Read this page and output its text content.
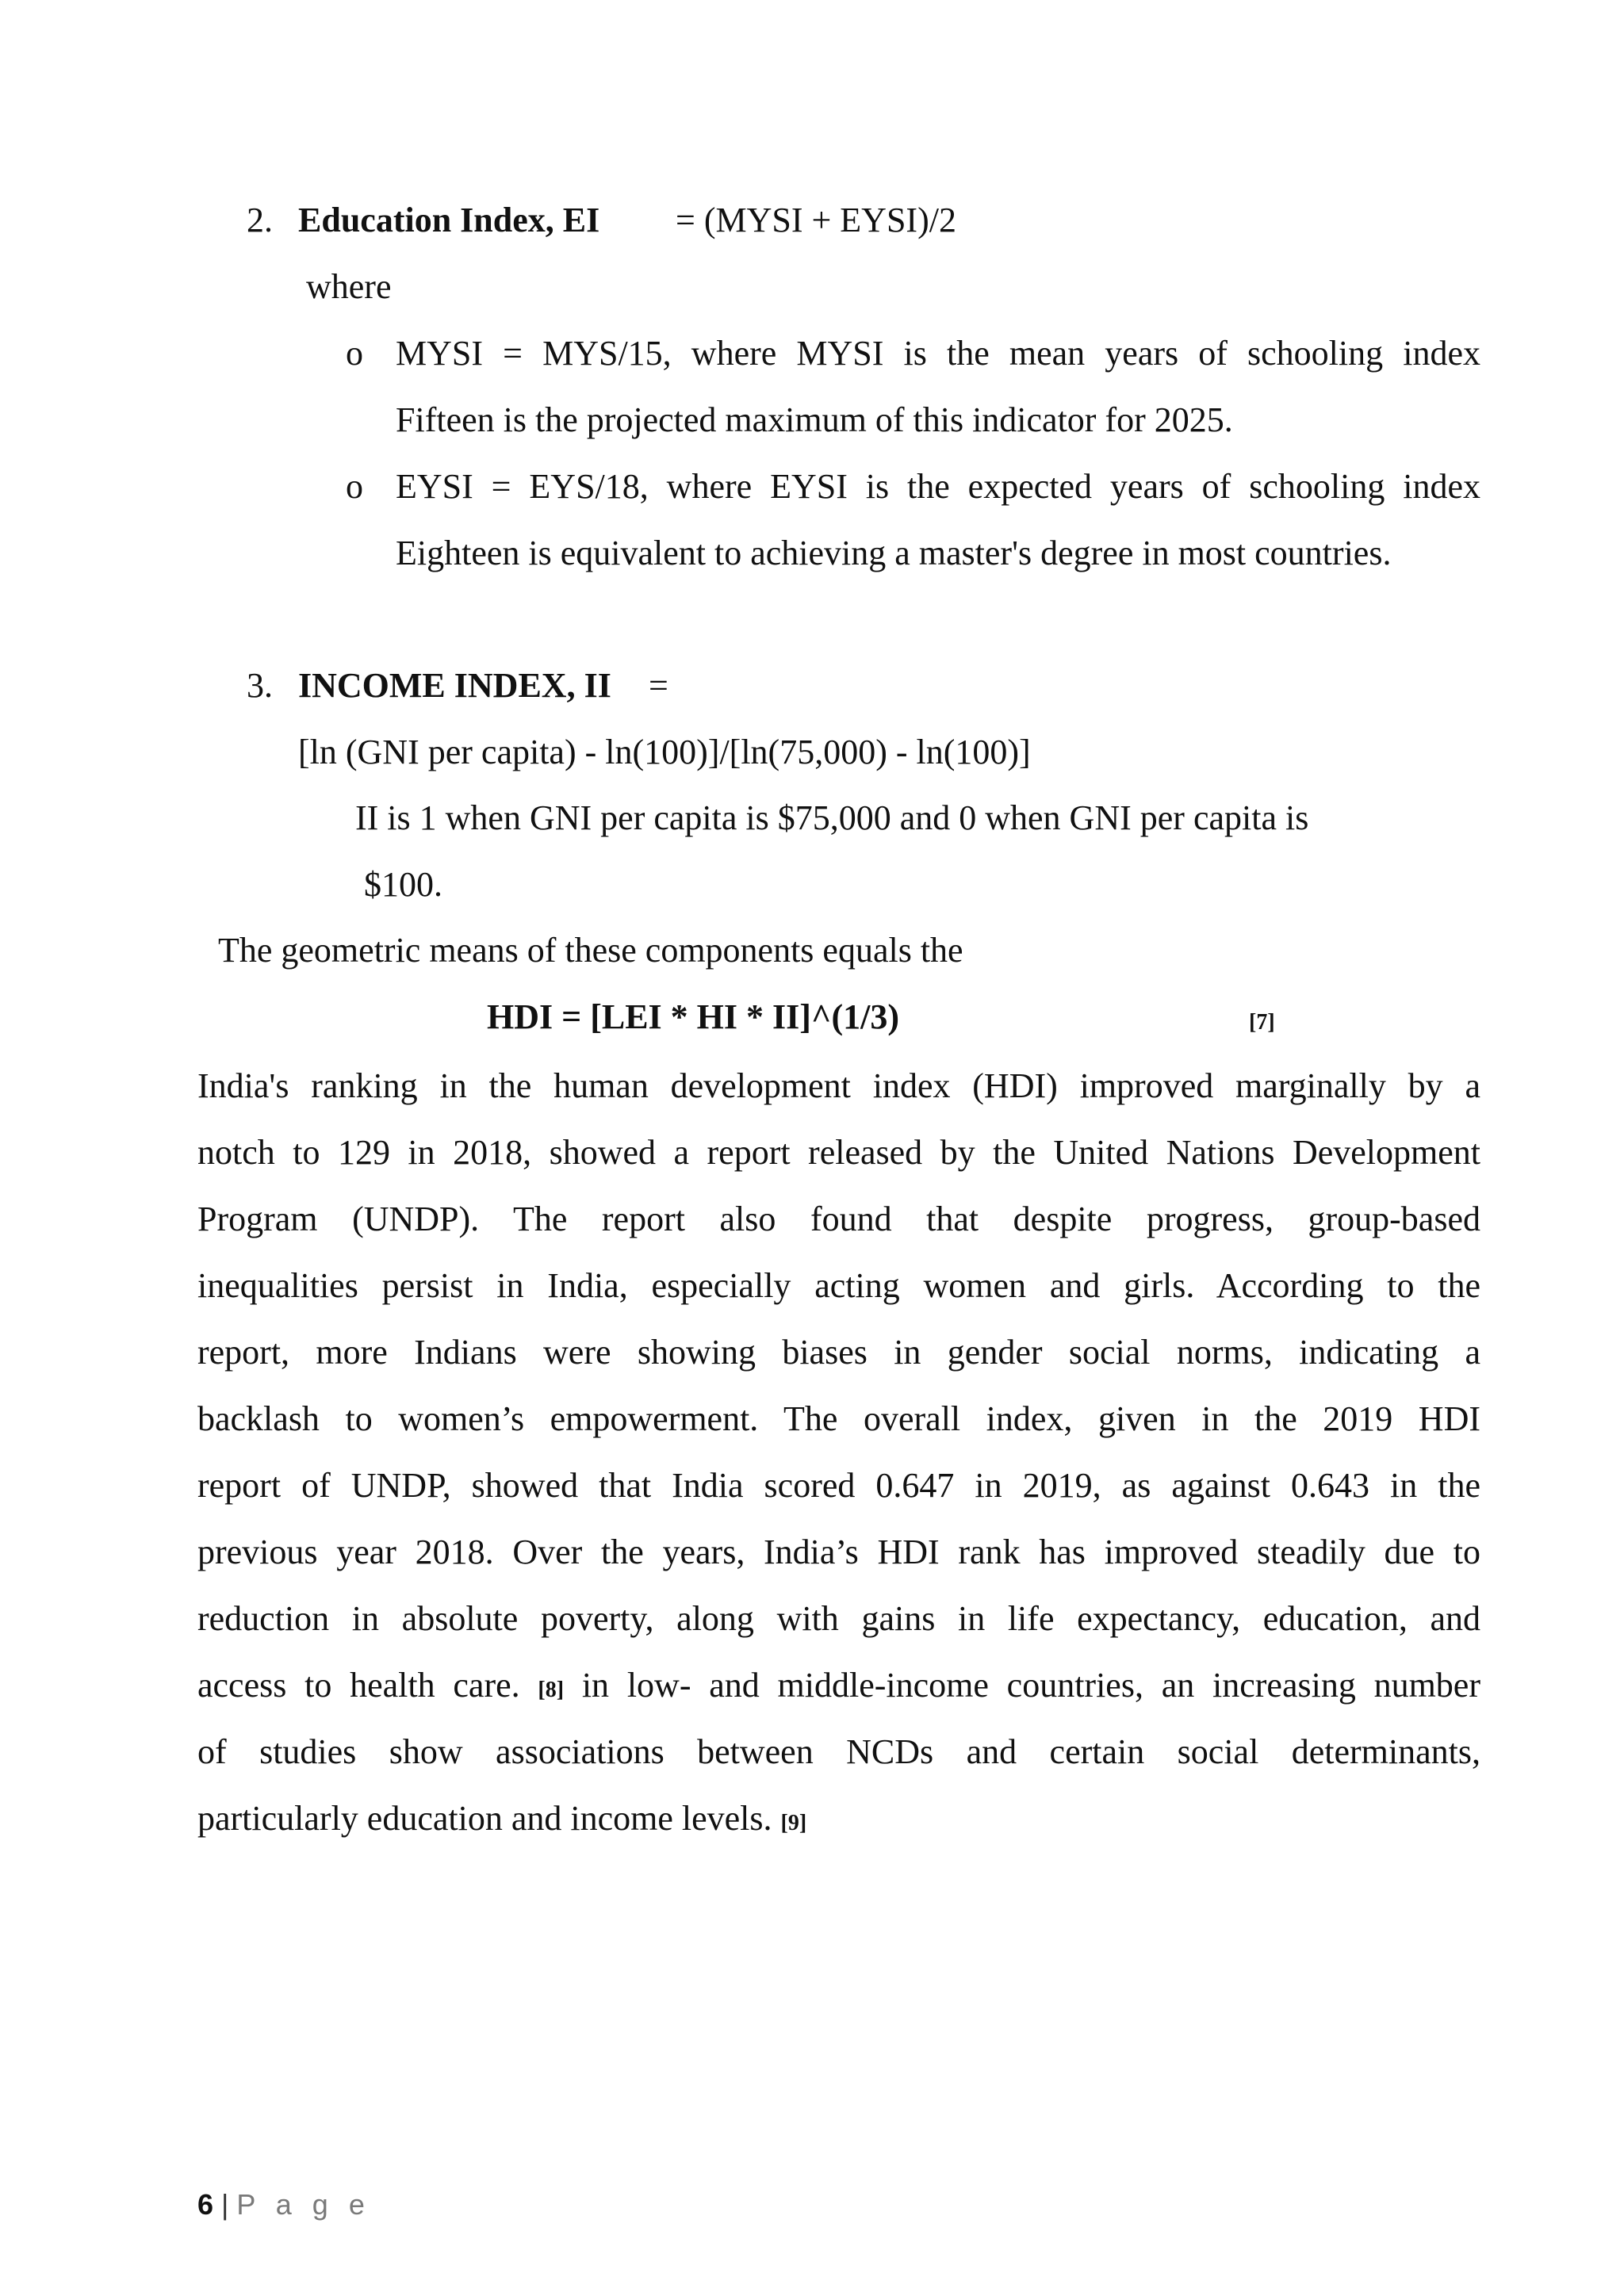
2. Education Index, EI = (MYSI + EYSI)/2
where
o MYSI = MYS/15, where MYSI is the mean years of schooling index
Fifteen is the projected maximum of this indicator for 2025.
o EYSI = EYS/18, where EYSI is the expected years of schooling index
Eighteen is equivalent to achieving a master's degree in most countries.
3. INCOME INDEX, II =
[ln (GNI per capita) - ln(100)]/[ln(75,000) - ln(100)]
II is 1 when GNI per capita is $75,000 and 0 when GNI per capita is
$100.
The geometric means of these components equals the
HDI = [LEI * HI * II]^(1/3)	[7]
India's ranking in the human development index (HDI) improved marginally by a
notch to 129 in 2018, showed a report released by the United Nations Development
Program (UNDP). The report also found that despite progress, group-based
inequalities persist in India, especially acting women and girls. According to the
report, more Indians were showing biases in gender social norms, indicating a
backlash to women’s empowerment. The overall index, given in the 2019 HDI
report of UNDP, showed that India scored 0.647 in 2019, as against 0.643 in the
previous year 2018. Over the years, India’s HDI rank has improved steadily due to
reduction in absolute poverty, along with gains in life expectancy, education, and
access to health care. [8] in low- and middle-income countries, an increasing number
of studies show associations between NCDs and certain social determinants,
particularly education and income levels. [9]
6 | P a g e
